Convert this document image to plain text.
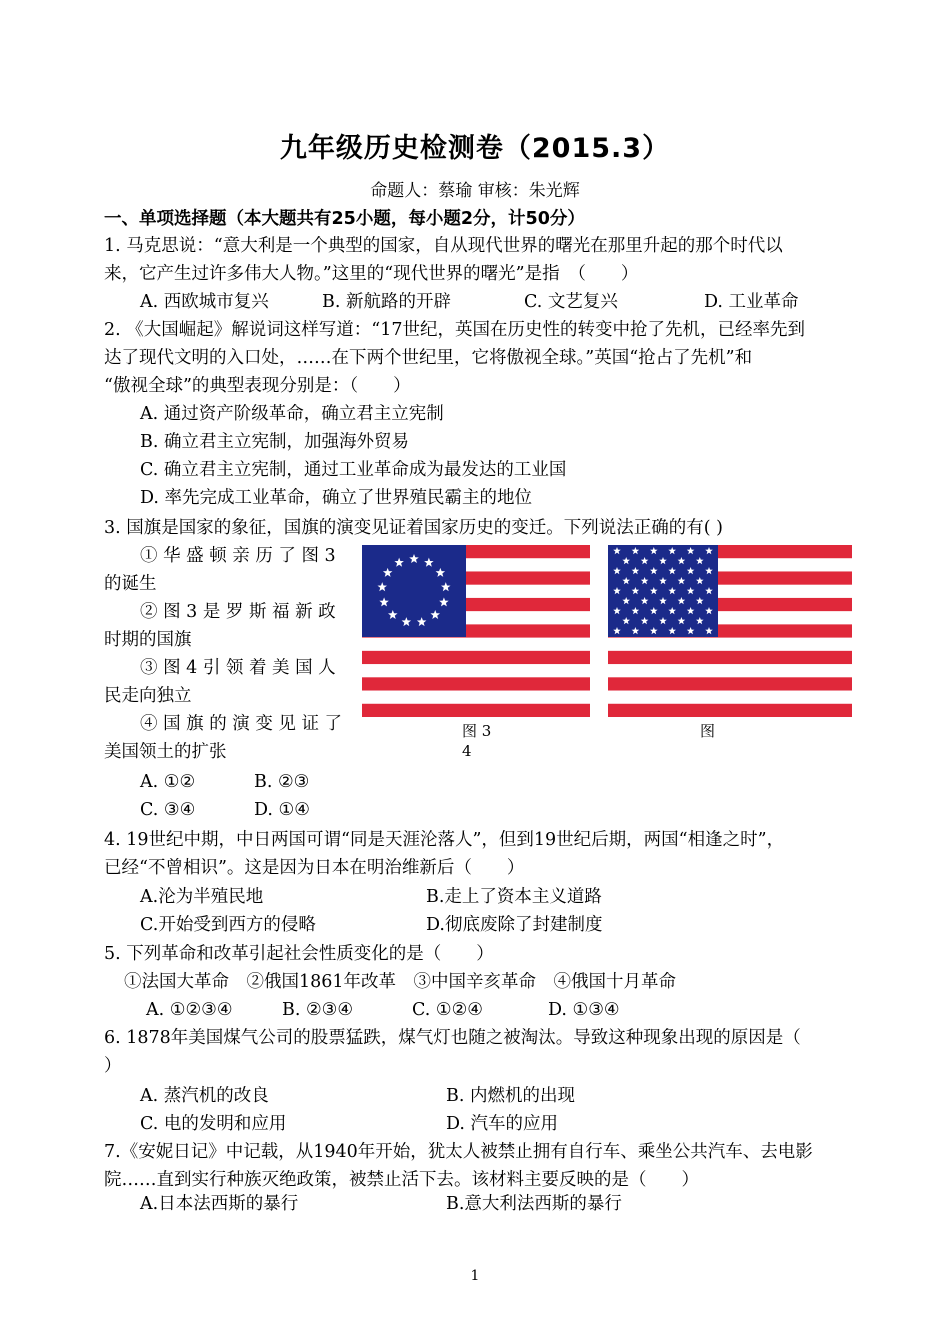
九年级历史检测卷（2015.3）
命题人：蔡瑜 审核：朱光辉
一、单项选择题（本大题共有25小题，每小题2分，计50分）
1. 马克思说：“意大利是一个典型的国家，自从现代世界的曙光在那里升起的那个时代以
来，它产生过许多伟大人物。”这里的“现代世界的曙光”是指　（　　）
A. 西欧城市复兴	B. 新航路的开辟	C. 文艺复兴	D. 工业革命
2. 《大国崛起》解说词这样写道：“17世纪，英国在历史性的转变中抢了先机，已经率先到
达了现代文明的入口处，……在下两个世纪里，它将傲视全球。”英国“抢占了先机”和
“傲视全球”的典型表现分别是：（　　）
A. 通过资产阶级革命，确立君主立宪制
B. 确立君主立宪制，加强海外贸易
C. 确立君主立宪制，通过工业革命成为最发达的工业国
D. 率先完成工业革命，确立了世界殖民霸主的地位
3. 国旗是国家的象征，国旗的演变见证着国家历史的变迁。下列说法正确的有( )
① 华 盛 顿 亲 历 了 图 3
的诞生
② 图 3 是 罗 斯 福 新 政
时期的国旗
③ 图 4 引 领 着 美 国 人
民走向独立
④ 国 旗 的 演 变 见 证 了
美国领土的扩张
A. ①②	B. ②③
C. ③④	D. ①④
图 3
4
图
4. 19世纪中期，中日两国可谓“同是天涯沦落人”，但到19世纪后期，两国“相逢之时”，
已经“不曾相识”。这是因为日本在明治维新后（　　）
A.沦为半殖民地	B.走上了资本主义道路
C.开始受到西方的侵略	D.彻底废除了封建制度
5. 下列革命和改革引起社会性质变化的是（　　）
①法国大革命　②俄国1861年改革　③中国辛亥革命　④俄国十月革命
A. ①②③④	B. ②③④	C. ①②④	D. ①③④
6. 1878年美国煤气公司的股票猛跌，煤气灯也随之被淘汰。导致这种现象出现的原因是（
）
A. 蒸汽机的改良	B. 内燃机的出现
C. 电的发明和应用	D. 汽车的应用
7.《安妮日记》中记载，从1940年开始，犹太人被禁止拥有自行车、乘坐公共汽车、去电影
院……直到实行种族灭绝政策，被禁止活下去。该材料主要反映的是（　　）
A.日本法西斯的暴行	B.意大利法西斯的暴行
1
